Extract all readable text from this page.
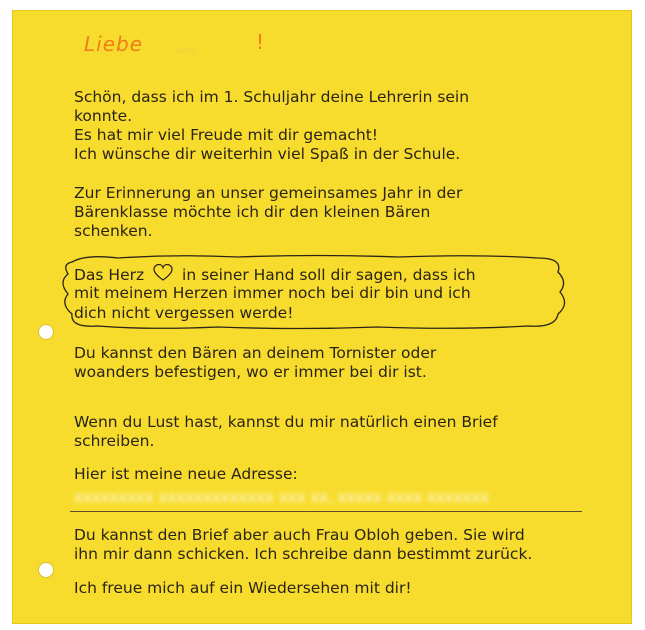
Liebe ....	!
Schön, dass ich im 1. Schuljahr deine Lehrerin sein
konnte.
Es hat mir viel Freude mit dir gemacht!
Ich wünsche dir weiterhin viel Spaß in der Schule.
Zur Erinnerung an unser gemeinsames Jahr in der
Bärenklasse möchte ich dir den kleinen Bären
schenken.
Das Herz in seiner Hand soll dir sagen, dass ich
mit meinem Herzen immer noch bei dir bin und ich
dich nicht vergessen werde!
Du kannst den Bären an deinem Tornister oder
woanders befestigen, wo er immer bei dir ist.
Wenn du Lust hast, kannst du mir natürlich einen Brief
schreiben.
Hier ist meine neue Adresse:
xxxxxxxxx xxxxxxxxxxxxx xxx xx, xxxxx xxxx xxxxxxx
Du kannst den Brief aber auch Frau Obloh geben. Sie wird
ihn mir dann schicken. Ich schreibe dann bestimmt zurück.
Ich freue mich auf ein Wiedersehen mit dir!
